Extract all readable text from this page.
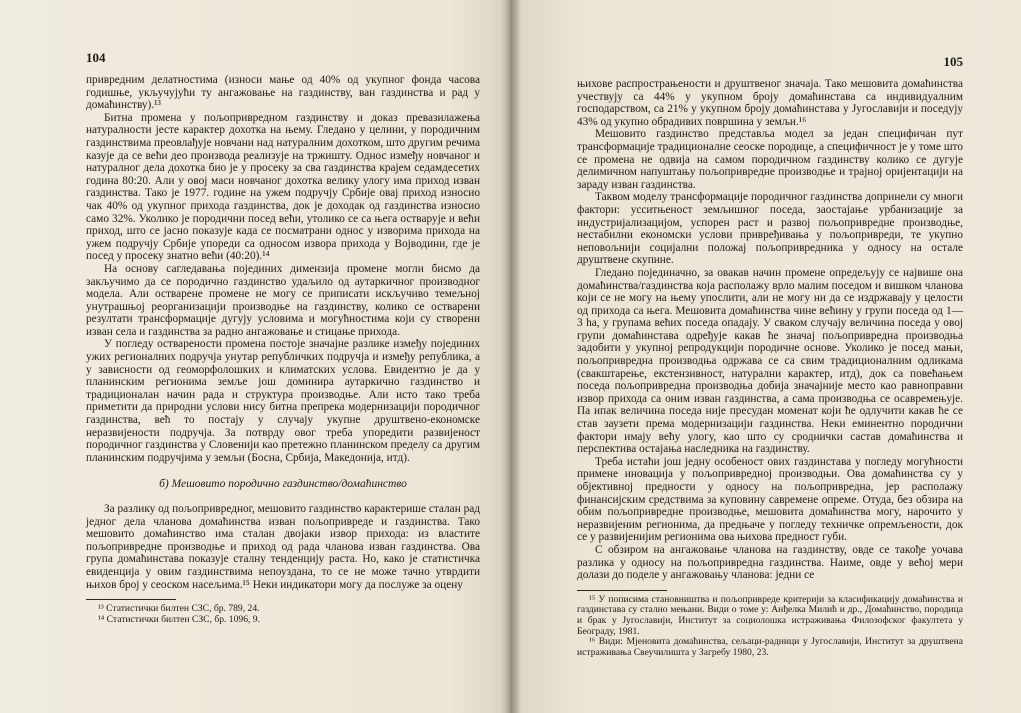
104

привредним делатностима (износи мање од 40% од укупног фонда часова годишње, укључујући ту ангажовање на газдинству, ван газдинства и рад у домаћинству).¹³

Битна промена у пољопривредном газдинству и доказ превазилажења натуралности јесте карактер дохотка на њему. Гледано у целини, у породичним газдинствима преовлађује новчани над натуралним дохотком, што другим речима казује да се већи део производа реализује на тржишту. Однос између новчаног и натуралног дела дохотка био је у просеку за сва газдинства крајем седамдесетих година 80:20. Али у овој маси новчаног дохотка велику улогу има приход изван газдинства. Тако је 1977. године на ужем подручју Србије овај приход износио чак 40% од укупног прихода газдинства, док је доходак од газдинства износио само 32%. Уколико је породични посед већи, утолико се са њега остварује и већи приход, што се јасно показује када се посматрани однос у изворима прихода на ужем подручју Србије упореди са односом извора прихода у Војводини, где је посед у просеку знатно већи (40:20).¹⁴

На основу сагледавања појединих димензија промене могли бисмо да закључимо да се породично газдинство удаљило од аутаркичног производног модела. Али остварене промене не могу се приписати искључиво темељној унутрашњој реорганизацији производње на газдинству, колико се остварени резултати трансформације дугују условима и могућностима који су створени изван села и газдинства за радно ангажовање и стицање прихода.

У погледу остварености промена постоје значајне разлике између појединих ужих регионалних подручја унутар републичких подручја и између република, а у зависности од геоморфолошких и климатских услова. Евидентно је да у планинским регионима земље још доминира аутаркично газдинство и традиционалан начин рада и структура производње. Али исто тако треба приметити да природни услови нису битна препрека модернизацији породичног газдинства, већ то постају у случају укупне друштвено-економске неразвијености подручја. За потврду овог треба упоредити развијеност породичног газдинства у Словенији као претежно планинском пределу са другим планинским подручјима у земљи (Босна, Србија, Македонија, итд).

б) Мешовито породично газдинство/домаћинство

За разлику од пољопривредног, мешовито газдинство карактерише сталан рад једног дела чланова домаћинства изван пољопривреде и газдинства. Тако мешовито домаћинство има сталан двојаки извор прихода: из властите пољопривредне производње и приход од рада чланова изван газдинства. Ова група домаћинстава показује сталну тенденцију раста. Но, како је статистичка евиденција у овим газдинствима непоуздана, то се не може тачно утврдити њихов број у сеоском насељима.¹⁵ Неки индикатори могу да послуже за оцену

¹³ Статистички билтен СЗС, бр. 789, 24.

¹⁴ Статистички билтен СЗС, бр. 1096, 9.

105

њихове распрострањености и друштвеног значаја. Тако мешовита домаћинства учествују са 44% у укупном броју домаћинстава са индивидуалним господарством, са 21% у укупном броју домаћинстава у Југославији и поседују 43% од укупно обрадивих површина у земљи.¹⁶

Мешовито газдинство представља модел за један специфичан пут трансформације традиционалне сеоске породице, а специфичност је у томе што се промена не одвија на самом породичном газдинству колико се дугује делимичном напуштању пољопривредне производње и трајној оријентацији на зараду изван газдинства.

Таквом моделу трансформације породичног газдинства допринели су многи фактори: усситњеност земљишног поседа, заостајање урбанизације за индустријализацијом, успорен раст и развој пољопривредне производње, нестабилни економски услови привређивања у пољопривреди, те укупно неповољнији социјални положај пољопривредника у односу на остале друштвене скупине.

Гледано појединачно, за овакав начин промене опредељују се највише она домаћинства/газдинства која располажу врло малим поседом и вишком чланова који се не могу на њему упослити, али не могу ни да се издржавају у целости од прихода са њега. Мешовита домаћинства чине већину у групи поседа од 1—3 ha, у групама већих поседа опадају. У сваком случају величина поседа у овој групи домаћинстава одређује какав ће значај пољопривредна производња задобити у укупној репродукцији породичне основе. Уколико је посед мањи, пољопривредна производња одржава се са свим традиционалним одликама (свакштарење, екстензивност, натурални карактер, итд), док са повећањем поседа пољопривредна производња добија значајније место као равноправни извор прихода са оним изван газдинства, а сама производња се осавремењује. Па ипак величина поседа није пресудан моменат који ће одлучити какав ће се став заузети према модернизацији газдинства. Неки еминентно породични фактори имају већу улогу, као што су сроднички састав домаћинства и перспектива остајања наследника на газдинству.

Треба истаћи још једну особеност ових газдинстава у погледу могућности примене иновација у пољопривредној производњи. Ова домаћинства су у објективној предности у односу на пољопривредна, јер располажу финансијским средствима за куповину савремене опреме. Отуда, без обзира на обим пољопривредне производње, мешовита домаћинства могу, нарочито у неразвијеним регионима, да предњаче у погледу техничке опремљености, док се у развијенијим регионима ова њихова предност губи.

С обзиром на ангажовање чланова на газдинству, овде се такође уочава разлика у односу на пољопривредна газдинства. Наиме, овде у већој мери долази до поделе у ангажовању чланова: једни се

¹⁵ У пописима становништва и пољопривреде критерији за класификацију домаћинства и газдинстава су стално мењани. Види о томе у: Анђелка Милић и др., Домаћинство, породица и брак у Југославији, Институт за социолошка истраживања Филозофског факултета у Београду, 1981.

¹⁶ Види: Мјеновита домаћинства, сељаци-радници у Југославији, Институт за друштвена истраживања Свеучилишта у Загребу 1980, 23.
